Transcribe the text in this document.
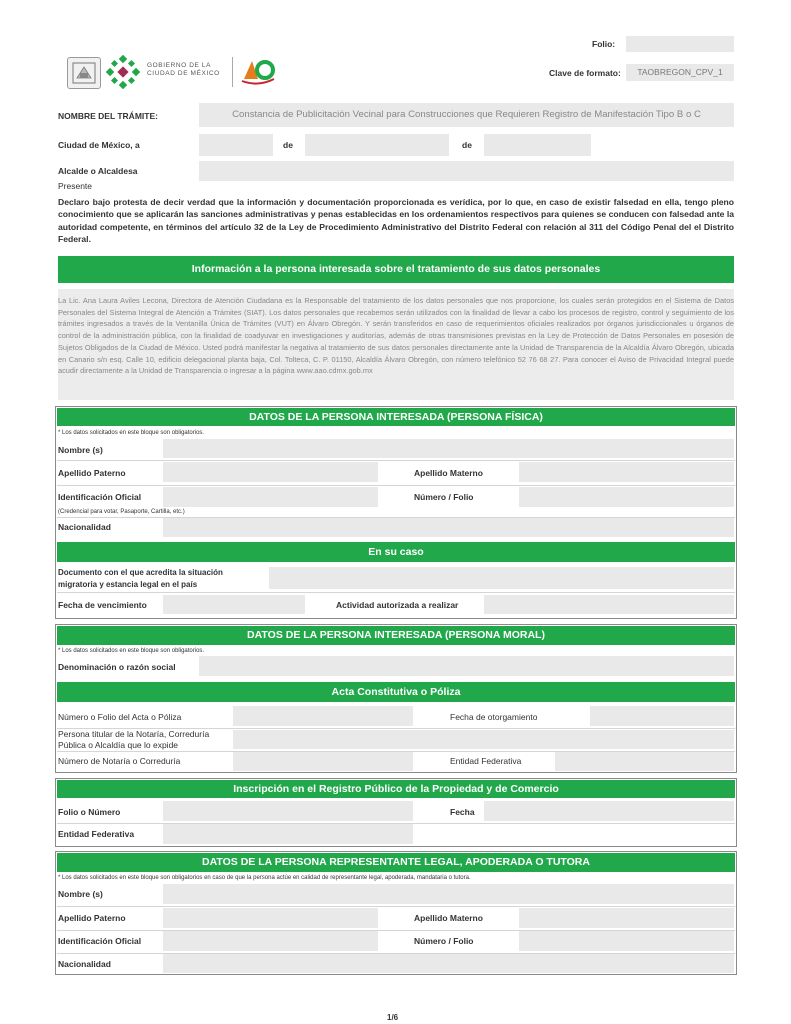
GOBIERNO DE LA
CIUDAD DE MÉXICO
Folio:
Clave de formato:	TAOBREGON_CPV_1
NOMBRE DEL TRÁMITE:	Constancia de Publicitación Vecinal para Construcciones que Requieren Registro de Manifestación Tipo B o C
Ciudad de México, a	de	de
Alcalde o Alcaldesa
Presente
Declaro bajo protesta de decir verdad que la información y documentación proporcionada es verídica, por lo que, en caso de existir falsedad en ella, tengo pleno conocimiento que se aplicarán las sanciones administrativas y penas establecidas en los ordenamientos respectivos para quienes se conducen con falsedad ante la autoridad competente, en términos del artículo 32 de la Ley de Procedimiento Administrativo del Distrito Federal con relación al 311 del Código Penal del el Distrito Federal.
Información a la persona interesada sobre el tratamiento de sus datos personales
La Lic. Ana Laura Aviles Lecona, Directora de Atención Ciudadana es la Responsable del tratamiento de los datos personales que nos proporcione, los cuales serán protegidos en el Sistema de Datos Personales del Sistema Integral de Atención a Trámites (SIAT). Los datos personales que recabemos serán utilizados con la finalidad de llevar a cabo los procesos de registro, control y seguimiento de los trámites ingresados a través de la Ventanilla Única de Trámites (VUT) en Álvaro Obregón. Y serán transferidos en caso de requerimientos oficiales realizados por órganos jurisdiccionales u órganos de control de la administración pública, con la finalidad de coadyuvar en investigaciones y auditorías, además de otras transmisiones previstas en la Ley de Protección de Datos Personales en posesión de Sujetos Obligados de la Ciudad de México. Usted podrá manifestar la negativa al tratamiento de sus datos personales directamente ante la Unidad de Transparencia de la Alcaldía Álvaro Obregón, ubicada en Canario s/n esq. Calle 10, edificio delegacional planta baja, Col. Tolteca, C. P. 01150, Alcaldía Álvaro Obregón, con número telefónico 52 76 68 27. Para conocer el Aviso de Privacidad Integral puede acudir directamente a la Unidad de Transparencia o ingresar a la página www.aao.cdmx.gob.mx
DATOS DE LA PERSONA INTERESADA (PERSONA FÍSICA)
* Los datos solicitados en este bloque son obligatorios.
Nombre (s)
Apellido Paterno	Apellido Materno
Identificación Oficial	Número / Folio
(Credencial para votar, Pasaporte, Cartilla, etc.)
Nacionalidad
En su caso
Documento con el que acredita la situación
migratoria y estancia legal en el país
Fecha de vencimiento	Actividad autorizada a realizar
DATOS DE LA PERSONA INTERESADA (PERSONA MORAL)
* Los datos solicitados en este bloque son obligatorios.
Denominación o razón social
Acta Constitutiva o Póliza
Número o Folio del Acta o Póliza	Fecha de otorgamiento
Persona titular de la Notaría, Correduría
Pública o Alcaldía que lo expide
Número de Notaría o Correduría	Entidad Federativa
Inscripción en el Registro Público de la Propiedad y de Comercio
Folio o Número	Fecha
Entidad Federativa
DATOS DE LA PERSONA REPRESENTANTE LEGAL, APODERADA O TUTORA
* Los datos solicitados en este bloque son obligatorios en caso de que la persona actúe en calidad de representante legal, apoderada, mandataria o tutora.
Nombre (s)
Apellido Paterno	Apellido Materno
Identificación Oficial	Número / Folio
Nacionalidad
1/6
